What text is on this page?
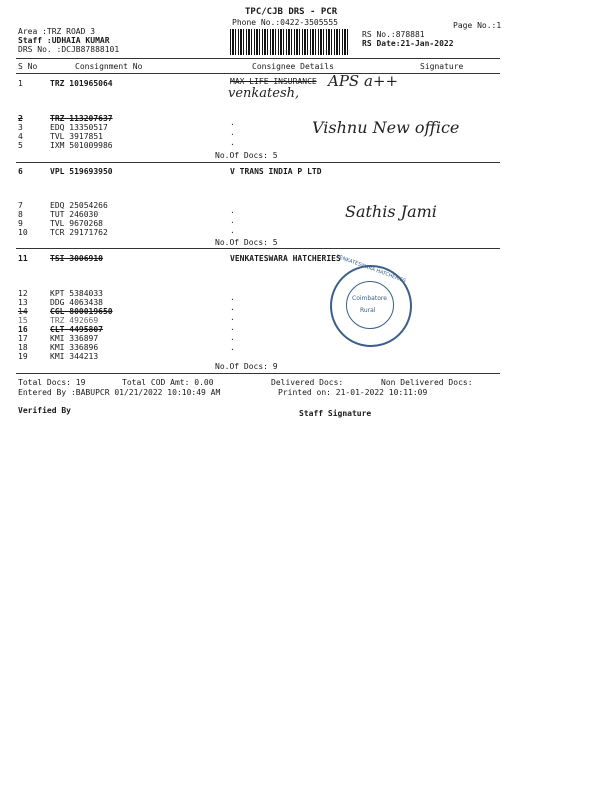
TPC/CJB DRS - PCR
Phone No.:0422-3505555	Page No.:1
Area :TRZ ROAD 3
Staff :UDHAIA KUMAR
DRS No. :DCJB87888101
RS No.:878881
RS Date:21-Jan-2022
S No	Consignment No	Consignee Details	Signature
1	TRZ 101965064	MAX LIFE INSURANCE APS a++
venkatesh,
2	TRZ 113207637
3	EDQ 13350517
4	TVL 3917851
5	IXM 501009986
.
.
.
Vishnu New office
No.Of Docs: 5
6	VPL 519693950	V TRANS INDIA P LTD
7	EDQ 25054266
8	TUT 246030
9	TVL 9670268
10	TCR 29171762
.
.
.
Sathis Jami
No.Of Docs: 5
11	TSI 3006910	VENKATESWARA HATCHERIES
12	KPT 5384033
13	DDG 4063438
14	CGL 800019650
15	TRZ 492669
16	CLT 4495807
17	KMI 336897
18	KMI 336896
19	KMI 344213
.
.
.
.
.
.
VENKATESWARA HATCHERIES
Coimbatore
Rural
No.Of Docs: 9
Total Docs: 19	Total COD Amt: 0.00	Delivered Docs:	Non Delivered Docs:
Entered By :BABUPCR 01/21/2022 10:10:49 AM	Printed on: 21-01-2022 10:11:09
Verified By	Staff Signature
